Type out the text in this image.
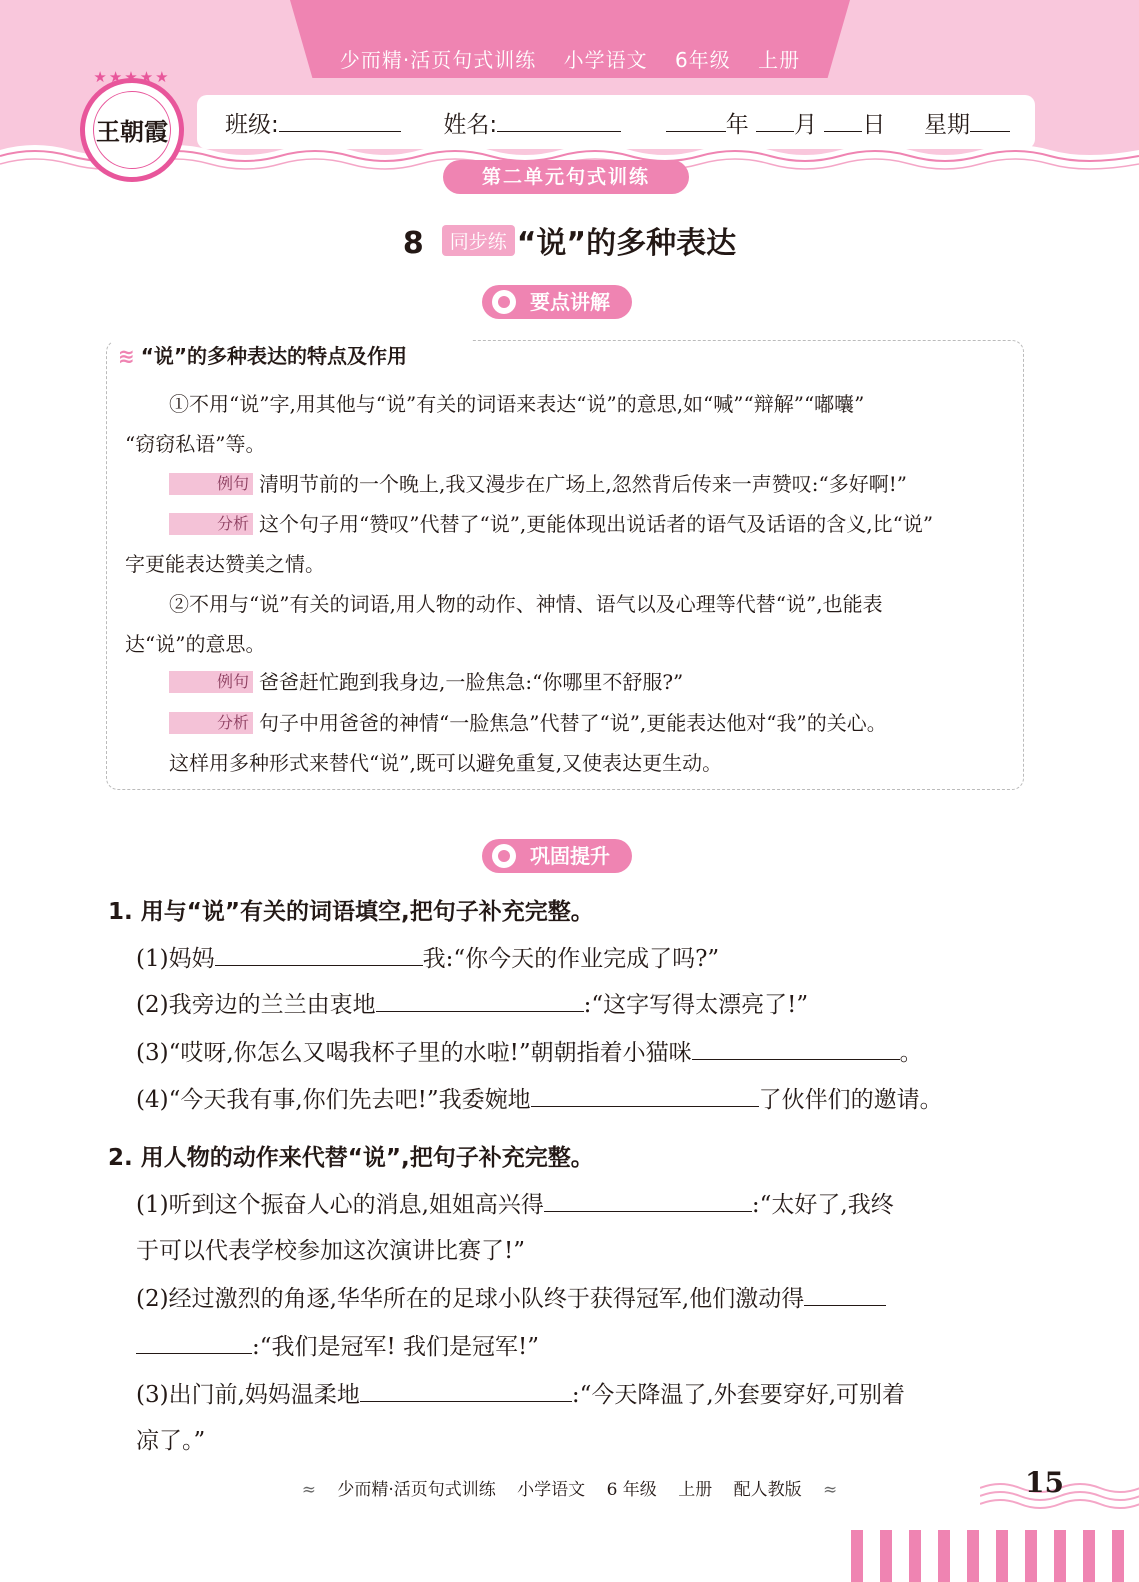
少而精·活页句式训练 小学语文 6年级 上册
班级:	姓名:	年 月 日 星期
★★★★★
王朝霞
第二单元句式训练
8 同步练 “说”的多种表达
要点讲解
≋ “说”的多种表达的特点及作用
①不用“说”字,用其他与“说”有关的词语来表达“说”的意思,如“喊”“辩解”“嘟囔”
“窃窃私语”等。
例句 清明节前的一个晚上,我又漫步在广场上,忽然背后传来一声赞叹:“多好啊!”
分析 这个句子用“赞叹”代替了“说”,更能体现出说话者的语气及话语的含义,比“说”
字更能表达赞美之情。
②不用与“说”有关的词语,用人物的动作、神情、语气以及心理等代替“说”,也能表
达“说”的意思。
例句 爸爸赶忙跑到我身边,一脸焦急:“你哪里不舒服?”
分析 句子中用爸爸的神情“一脸焦急”代替了“说”,更能表达他对“我”的关心。
这样用多种形式来替代“说”,既可以避免重复,又使表达更生动。
巩固提升
1. 用与“说”有关的词语填空,把句子补充完整。
(1)妈妈	我:“你今天的作业完成了吗?”
(2)我旁边的兰兰由衷地	:“这字写得太漂亮了!”
(3)“哎呀,你怎么又喝我杯子里的水啦!”朝朝指着小猫咪	。
(4)“今天我有事,你们先去吧!”我委婉地	了伙伴们的邀请。
2. 用人物的动作来代替“说”,把句子补充完整。
(1)听到这个振奋人心的消息,姐姐高兴得	:“太好了,我终
于可以代表学校参加这次演讲比赛了!”
(2)经过激烈的角逐,华华所在的足球小队终于获得冠军,他们激动得
:“我们是冠军! 我们是冠军!”
(3)出门前,妈妈温柔地	:“今天降温了,外套要穿好,可别着
凉了。”
≈ 少而精·活页句式训练 小学语文 6 年级 上册 配人教版 ≈	15
